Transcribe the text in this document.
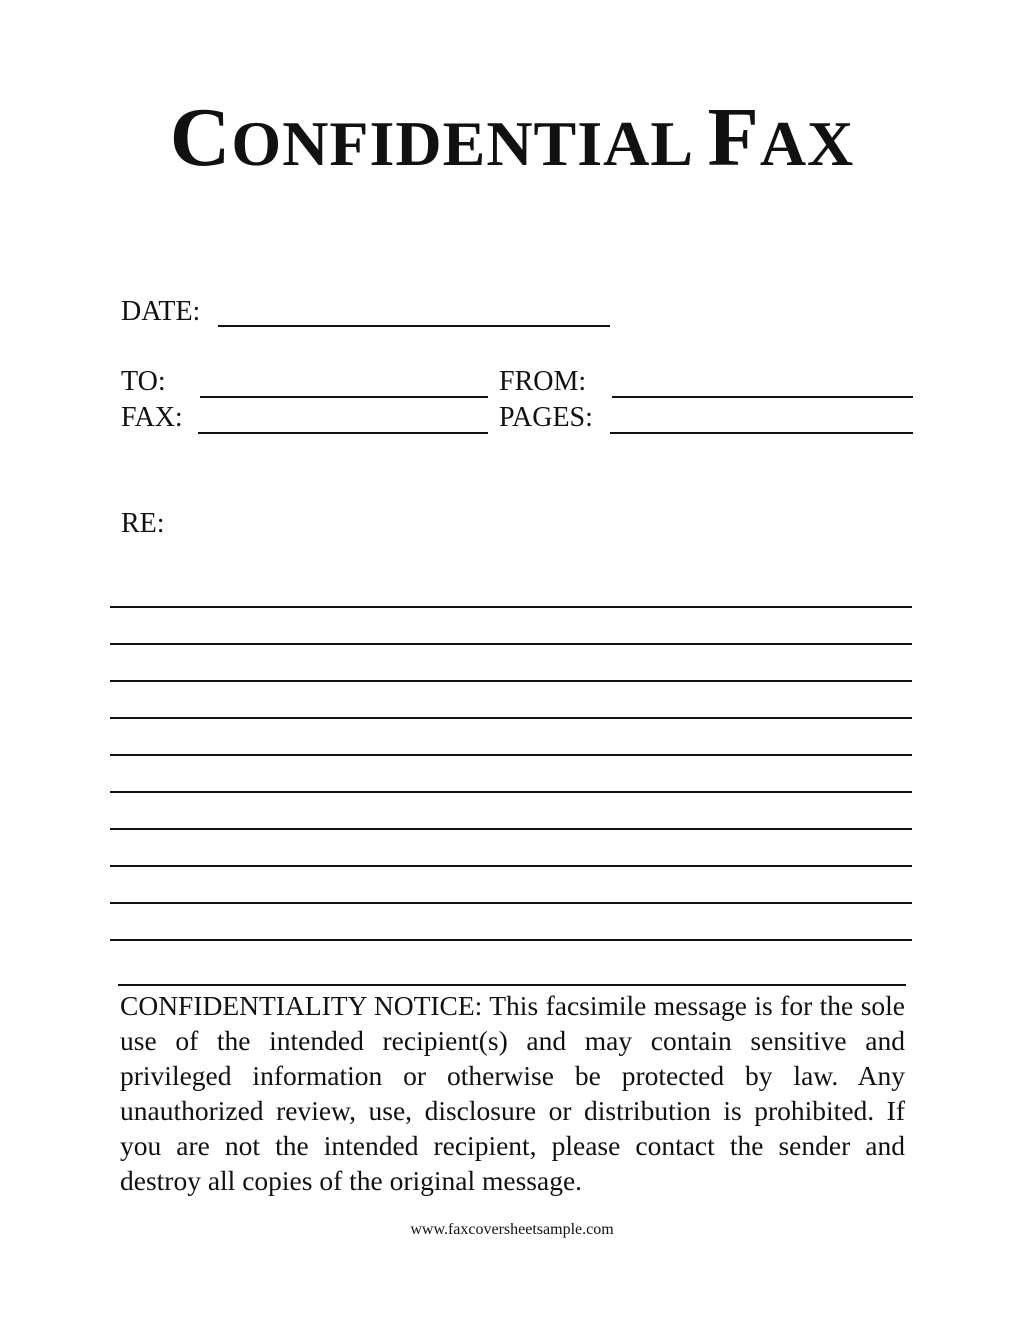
CONFIDENTIAL FAX
DATE:
TO:	FROM:
FAX:	PAGES:
RE:
CONFIDENTIALITY NOTICE: This facsimile message is for the sole use of the intended recipient(s) and may contain sensitive and privileged information or otherwise be protected by law. Any unauthorized review, use, disclosure or distribution is prohibited. If you are not the intended recipient, please contact the sender and destroy all copies of the original message.
www.faxcoversheetsample.com
